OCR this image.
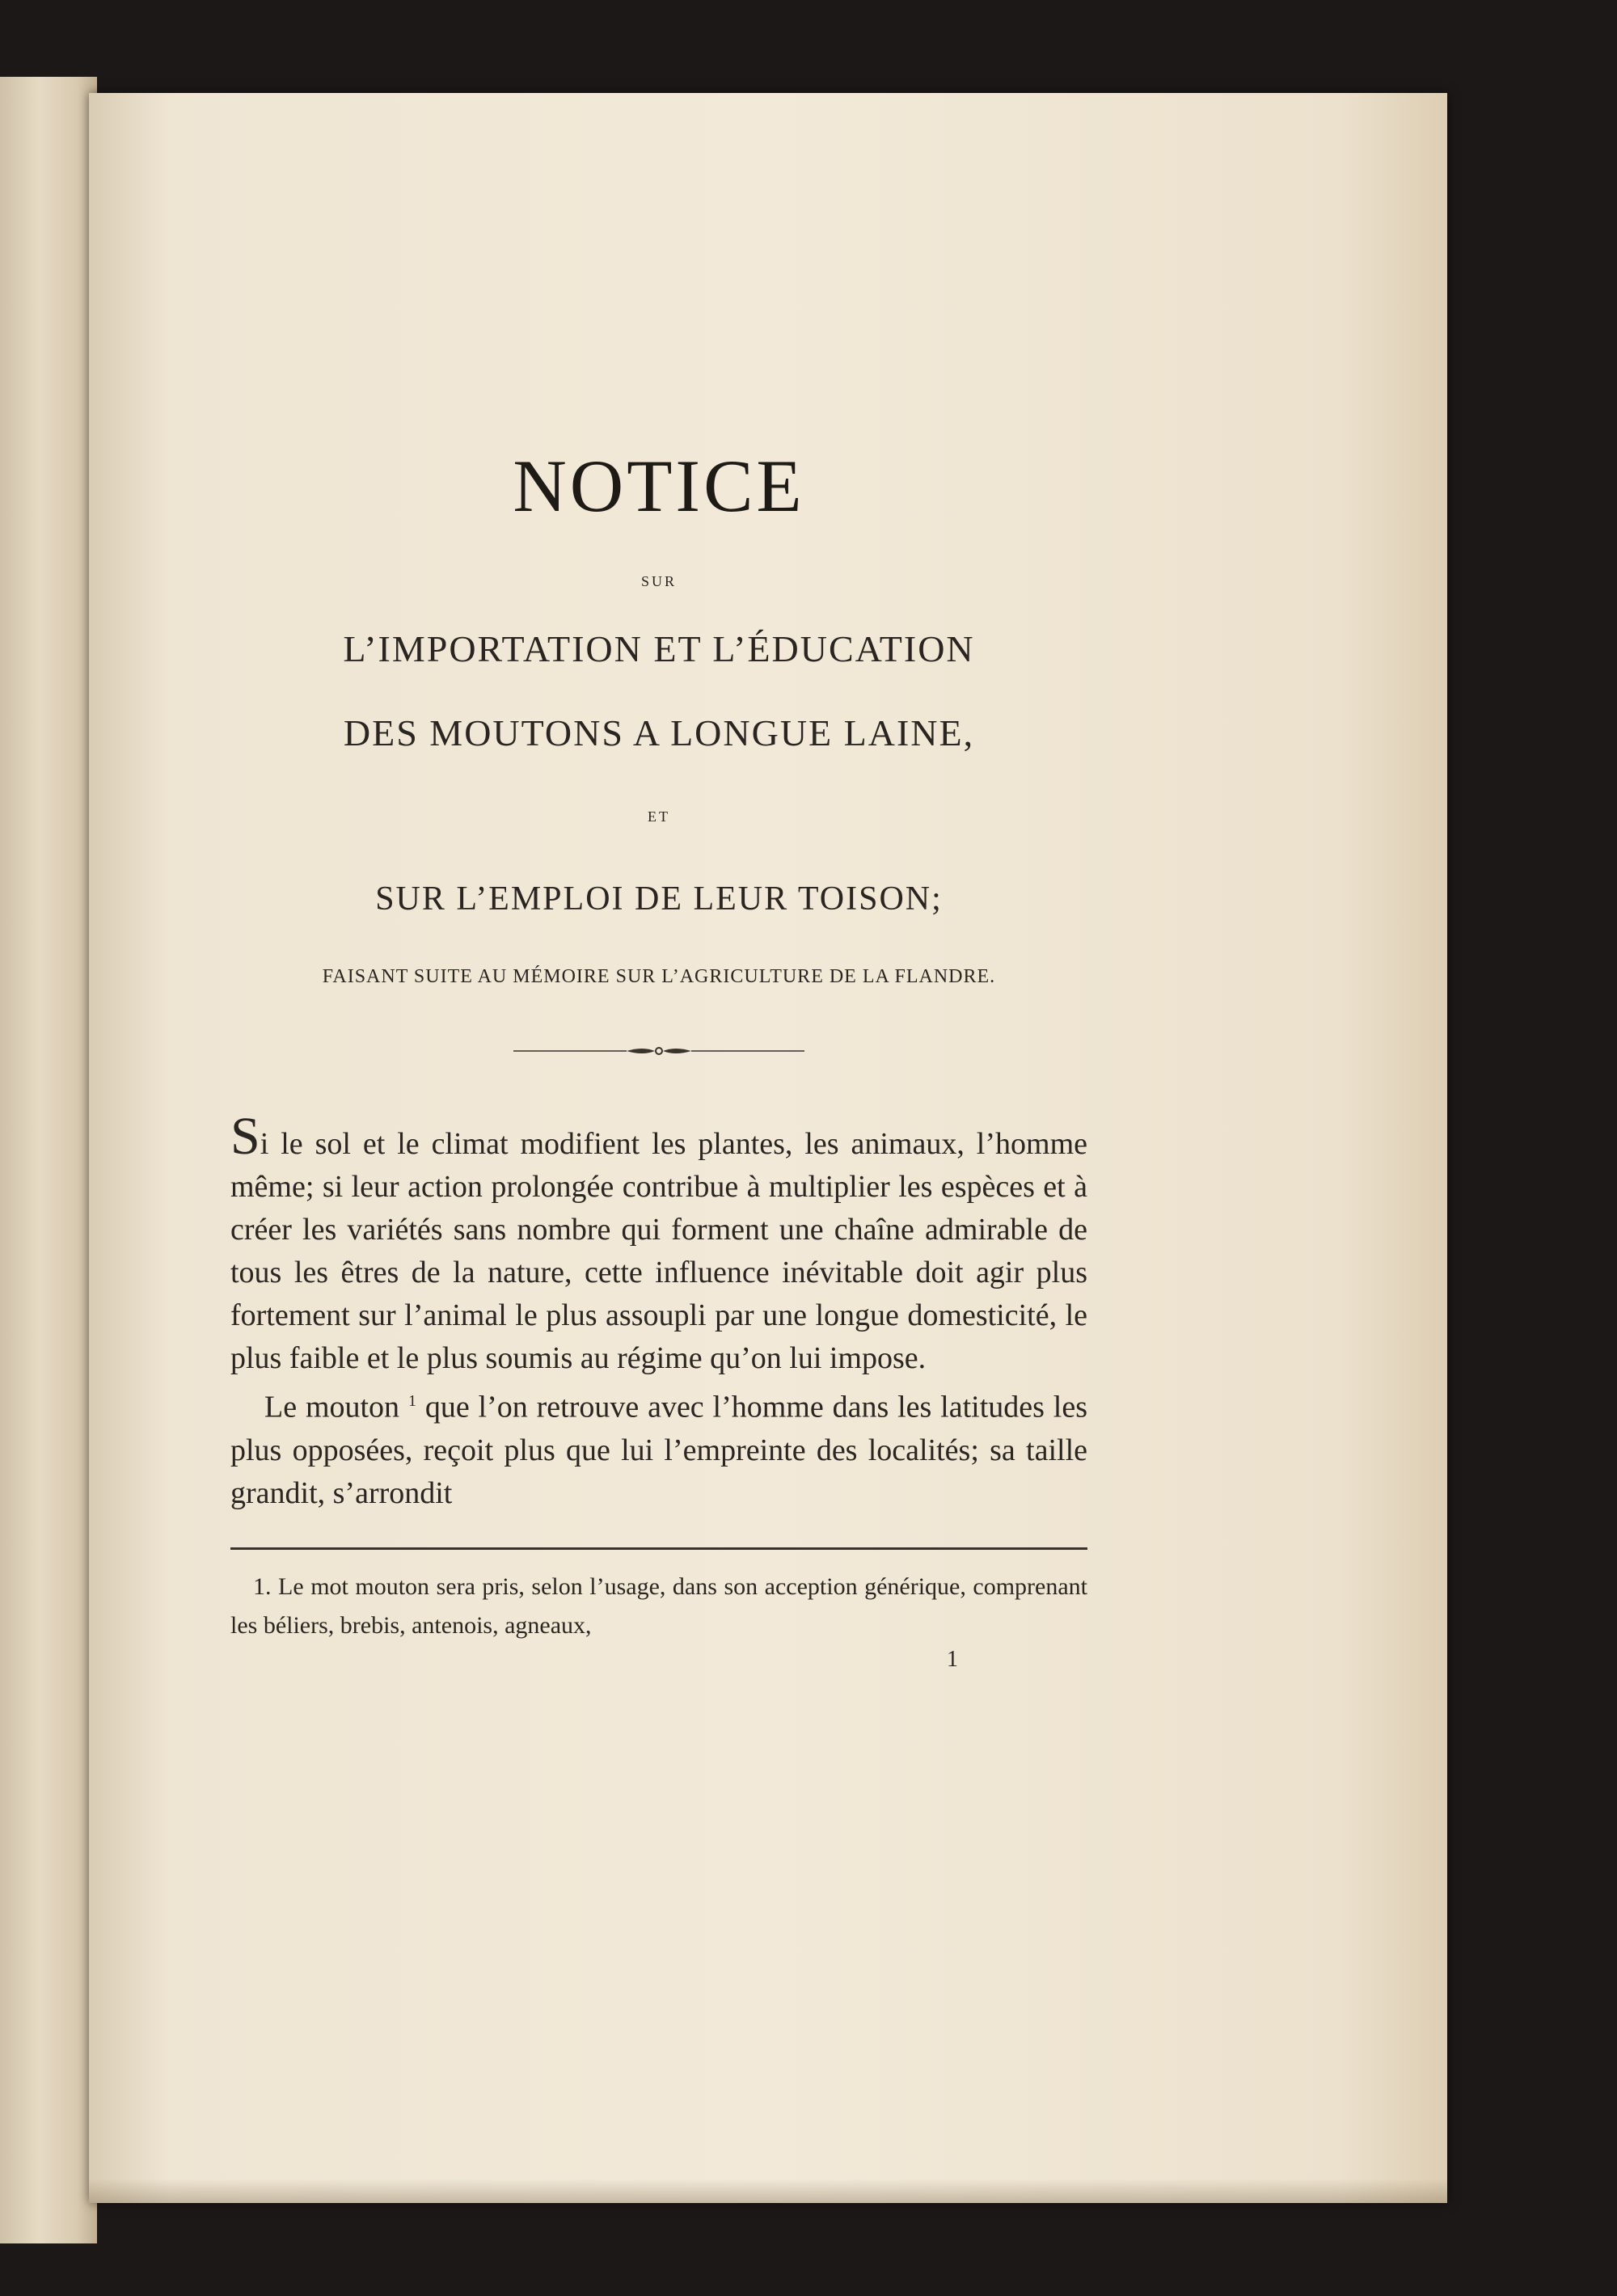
NOTICE
SUR
L’IMPORTATION ET L’ÉDUCATION
DES MOUTONS A LONGUE LAINE,
ET
SUR L’EMPLOI DE LEUR TOISON;
FAISANT SUITE AU MÉMOIRE SUR L’AGRICULTURE DE LA FLANDRE.

Si le sol et le climat modifient les plantes, les animaux, l’homme même; si leur action prolongée contribue à multiplier les espèces et à créer les variétés sans nombre qui forment une chaîne admirable de tous les êtres de la nature, cette influence inévitable doit agir plus fortement sur l’animal le plus assoupli par une longue domesticité, le plus faible et le plus soumis au régime qu’on lui impose.

Le mouton $^1$ que l’on retrouve avec l’homme dans les latitudes les plus opposées, reçoit plus que lui l’empreinte des localités; sa taille grandit, s’arrondit

1. Le mot mouton sera pris, selon l’usage, dans son acception générique, comprenant les béliers, brebis, antenois, agneaux,
1
